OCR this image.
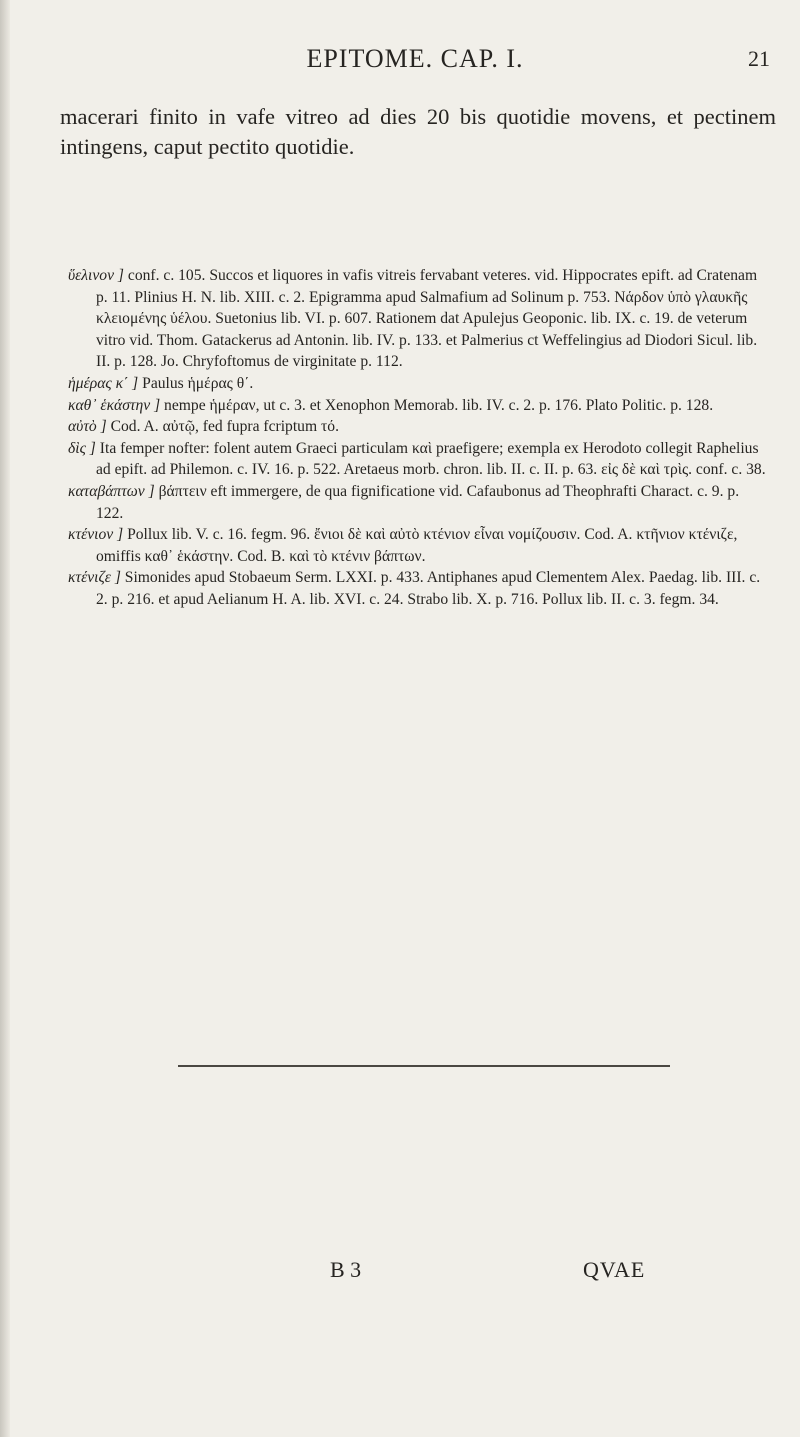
EPITOME. CAP. I.	21

macerari finito in vafe vitreo ad dies 20 bis quotidie movens, et pectinem intingens, caput pectito quotidie.

ὕελινον ] conf. c. 105. Succos et liquores in vafis vitreis fervabant veteres. vid. Hippocrates epift. ad Cratenam p. 11. Plinius H. N. lib. XIII. c. 2. Epigramma apud Salmafium ad Solinum p. 753. Νάρδον ὑπὸ γλαυκῆς κλειομένης ὑέλου. Suetonius lib. VI. p. 607. Rationem dat Apulejus Geoponic. lib. IX. c. 19. de veterum vitro vid. Thom. Gatackerus ad Antonin. lib. IV. p. 133. et Palmerius ct Weffelingius ad Diodori Sicul. lib. II. p. 128. Jo. Chryfoftomus de virginitate p. 112.

ἡμέρας κ΄ ] Paulus ἡμέρας θ΄.

καθ᾽ ἑκάστην ] nempe ἡμέραν, ut c. 3. et Xenophon Memorab. lib. IV. c. 2. p. 176. Plato Politic. p. 128.

αὐτὸ ] Cod. A. αὐτῷ, fed fupra fcriptum τό.

δὶς ] Ita femper nofter: folent autem Graeci particulam καὶ praefigere; exempla ex Herodoto collegit Raphelius ad epift. ad Philemon. c. IV. 16. p. 522. Aretaeus morb. chron. lib. II. c. II. p. 63. εἰς δὲ καὶ τρὶς. conf. c. 38.

καταβάπτων ] βάπτειν eft immergere, de qua fignificatione vid. Cafaubonus ad Theophrafti Charact. c. 9. p. 122.

κτένιον ] Pollux lib. V. c. 16. fegm. 96. ἔνιοι δὲ καὶ αὐτὸ κτένιον εἶναι νομίζουσιν. Cod. A. κτῆνιον κτένιζε, omiffis καθ᾽ ἑκάστην. Cod. B. καὶ τὸ κτένιν βάπτων.

κτένιζε ] Simonides apud Stobaeum Serm. LXXI. p. 433. Antiphanes apud Clementem Alex. Paedag. lib. III. c. 2. p. 216. et apud Aelianum H. A. lib. XVI. c. 24. Strabo lib. X. p. 716. Pollux lib. II. c. 3. fegm. 34.

B 3	QVAE
